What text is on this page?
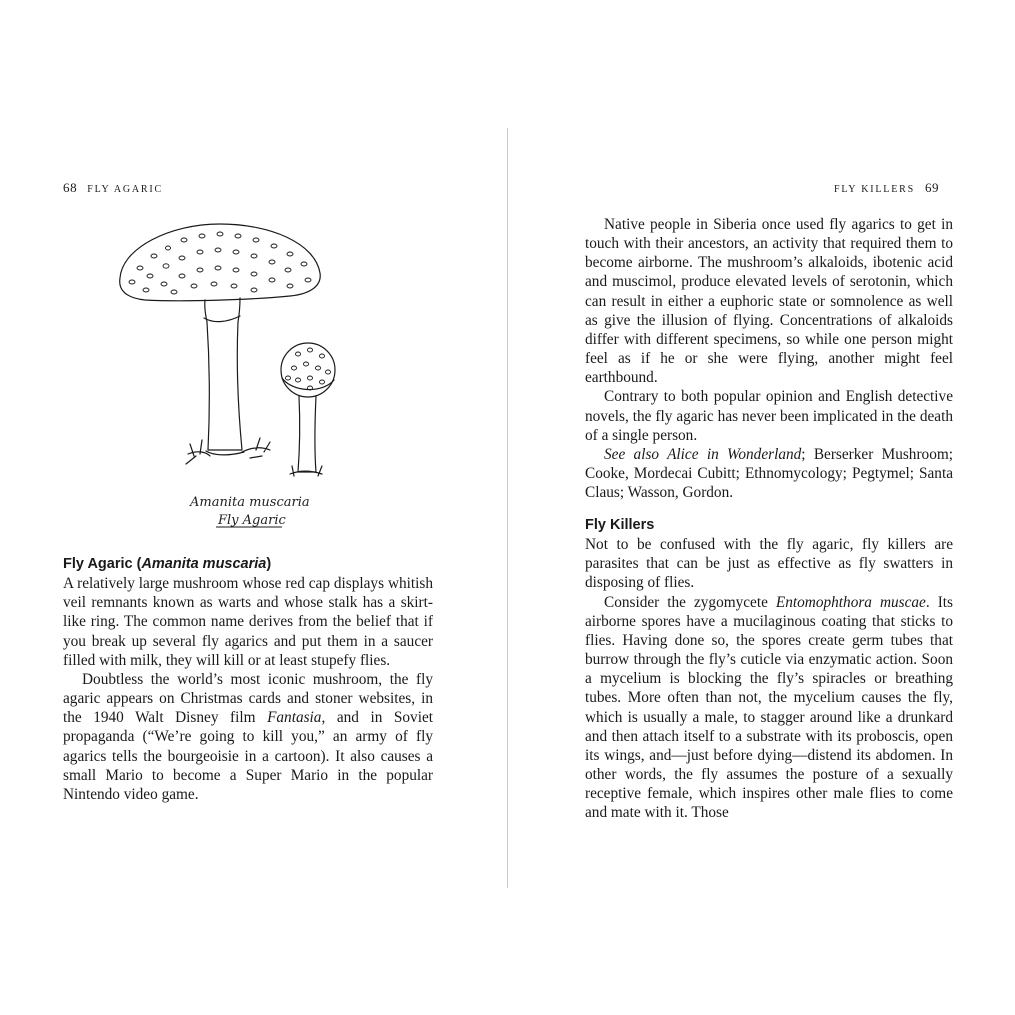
68 FLY AGARIC
Amanita muscaria
Fly Agaric
Fly Agaric (Amanita muscaria)

A relatively large mushroom whose red cap displays whitish veil remnants known as warts and whose stalk has a skirt-like ring. The common name derives from the belief that if you break up several fly agarics and put them in a saucer filled with milk, they will kill or at least stupefy flies.

Doubtless the world’s most iconic mushroom, the fly agaric appears on Christmas cards and stoner websites, in the 1940 Walt Disney film Fantasia, and in Soviet propaganda (“We’re going to kill you,” an army of fly agarics tells the bourgeoisie in a cartoon). It also causes a small Mario to become a Super Mario in the popular Nintendo video game.

FLY KILLERS 69

Native people in Siberia once used fly agarics to get in touch with their ancestors, an activity that required them to become airborne. The mushroom’s alkaloids, ibotenic acid and muscimol, produce elevated levels of serotonin, which can result in either a euphoric state or somnolence as well as give the illusion of flying. Concentrations of alkaloids differ with different specimens, so while one person might feel as if he or she were flying, another might feel earthbound.

Contrary to both popular opinion and English detective novels, the fly agaric has never been implicated in the death of a single person.

See also Alice in Wonderland; Berserker Mushroom; Cooke, Mordecai Cubitt; Ethnomycology; Pegtymel; Santa Claus; Wasson, Gordon.

Fly Killers

Not to be confused with the fly agaric, fly killers are parasites that can be just as effective as fly swatters in disposing of flies.

Consider the zygomycete Entomophthora muscae. Its airborne spores have a mucilaginous coating that sticks to flies. Having done so, the spores create germ tubes that burrow through the fly’s cuticle via enzymatic action. Soon a mycelium is blocking the fly’s spiracles or breathing tubes. More often than not, the mycelium causes the fly, which is usually a male, to stagger around like a drunkard and then attach itself to a substrate with its proboscis, open its wings, and—just before dying—distend its abdomen. In other words, the fly assumes the posture of a sexually receptive female, which inspires other male flies to come and mate with it. Those
